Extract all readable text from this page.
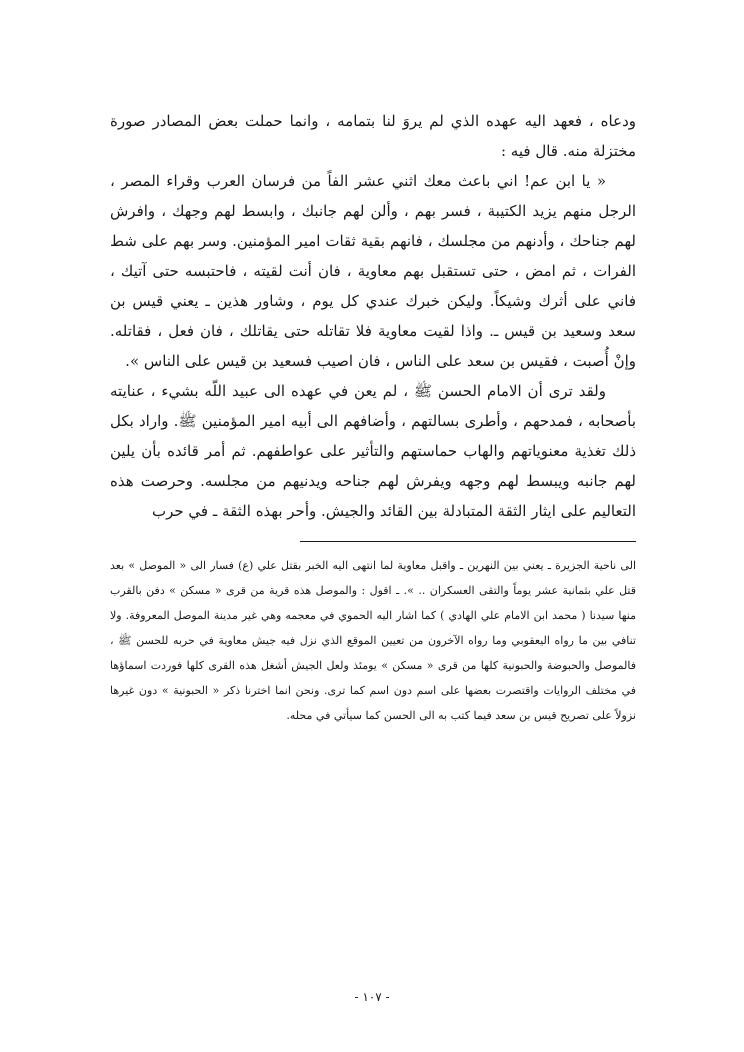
ودعاه ، فعهد اليه عهده الذي لم يروَ لنا بتمامه ، وانما حملت بعض المصادر صورة مختزلة منه. قال فيه :

« يا ابن عم! اني باعث معك اثني عشر الفاً من فرسان العرب وقراء المصر ، الرجل منهم يزيد الكتيبة ، فسر بهم ، وألن لهم جانبك ، وابسط لهم وجهك ، وافرش لهم جناحك ، وأدنهم من مجلسك ، فانهم بقية ثقات امير المؤمنين. وسر بهم على شط الفرات ، ثم امض ، حتى تستقبل بهم معاوية ، فان أنت لقيته ، فاحتبسه حتى آتيك ، فاني على أثرك وشيكاً. وليكن خبرك عندي كل يوم ، وشاور هذين ـ يعني قيس بن سعد وسعيد بن قيس ـ. واذا لقيت معاوية فلا تقاتله حتى يقاتلك ، فان فعل ، فقاتله. وإنْ أُصبت ، فقيس بن سعد على الناس ، فان اصيب فسعيد بن قيس على الناس ».

ولقد ترى أن الامام الحسن ﷺ ، لم يعن في عهده الى عبيد اللّه بشيء ، عنايته بأصحابه ، فمدحهم ، وأطرى بسالتهم ، وأضافهم الى أبيه امير المؤمنين ﷺ. واراد بكل ذلك تغذية معنوياتهم والهاب حماستهم والتأثير على عواطفهم. ثم أمر قائده بأن يلين لهم جانبه ويبسط لهم وجهه ويفرش لهم جناحه ويدنيهم من مجلسه. وحرصت هذه التعاليم على ايثار الثقة المتبادلة بين القائد والجيش. وأحر بهذه الثقة ـ في حرب

الى ناحية الجزيرة ـ يعني بين النهرين ـ واقبل معاوية لما انتهى اليه الخبر بقتل علي (ع) فسار الى « الموصل » بعد قتل علي بثمانية عشر يوماً والتقى العسكران .. ». ـ اقول : والموصل هذه قرية من قرى « مسكن » دفن بالقرب منها سيدنا ( محمد ابن الامام علي الهادي ) كما اشار اليه الحموي في معجمه وهي غير مدينة الموصل المعروفة. ولا تنافي بين ما رواه اليعقوبي وما رواه الآخرون من تعيين الموقع الذي نزل فيه جيش معاوية في حربه للحسن ﷺ ، فالموصل والحبوضة والحبونية كلها من قرى « مسكن » يومئذ ولعل الجيش أشغل هذه القرى كلها فوردت اسماؤها في مختلف الروايات واقتصرت بعضها على اسم دون اسم كما ترى. ونحن انما اخترنا ذكر « الحبونية » دون غيرها نزولاً على تصريح قيس بن سعد فيما كتب به الى الحسن كما سيأتي في محله.

- ١٠٧ -
